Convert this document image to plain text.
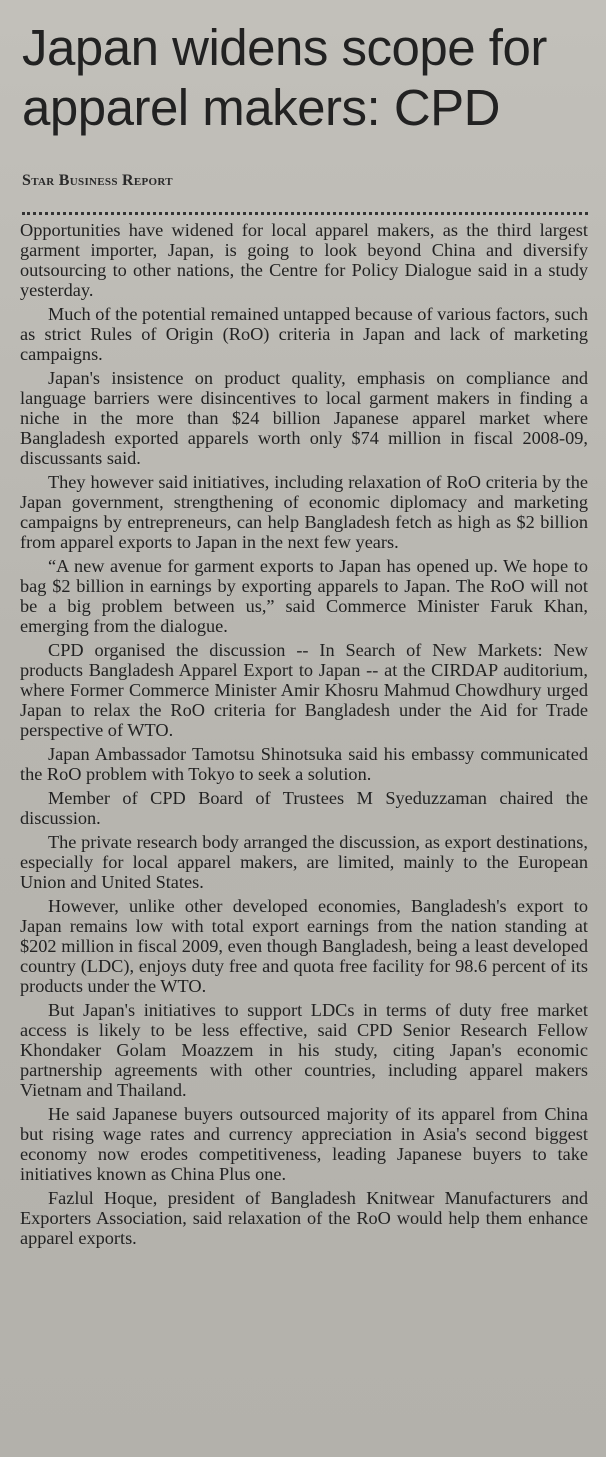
Japan widens scope for apparel makers: CPD
Star Business Report

Opportunities have widened for local apparel makers, as the third largest garment importer, Japan, is going to look beyond China and diversify outsourcing to other nations, the Centre for Policy Dialogue said in a study yesterday.

Much of the potential remained untapped because of various factors, such as strict Rules of Origin (RoO) criteria in Japan and lack of marketing campaigns.

Japan's insistence on product quality, emphasis on compliance and language barriers were disincentives to local garment makers in finding a niche in the more than $24 billion Japanese apparel market where Bangladesh exported apparels worth only $74 million in fiscal 2008-09, discussants said.

They however said initiatives, including relaxation of RoO criteria by the Japan government, strengthening of economic diplomacy and marketing campaigns by entrepreneurs, can help Bangladesh fetch as high as $2 billion from apparel exports to Japan in the next few years.

“A new avenue for garment exports to Japan has opened up. We hope to bag $2 billion in earnings by exporting apparels to Japan. The RoO will not be a big problem between us,” said Commerce Minister Faruk Khan, emerging from the dialogue.

CPD organised the discussion -- In Search of New Markets: New products Bangladesh Apparel Export to Japan -- at the CIRDAP auditorium, where Former Commerce Minister Amir Khosru Mahmud Chowdhury urged Japan to relax the RoO criteria for Bangladesh under the Aid for Trade perspective of WTO.

Japan Ambassador Tamotsu Shinotsuka said his embassy communicated the RoO problem with Tokyo to seek a solution.

Member of CPD Board of Trustees M Syeduzzaman chaired the discussion.

The private research body arranged the discussion, as export destinations, especially for local apparel makers, are limited, mainly to the European Union and United States.

However, unlike other developed economies, Bangladesh's export to Japan remains low with total export earnings from the nation standing at $202 million in fiscal 2009, even though Bangladesh, being a least developed country (LDC), enjoys duty free and quota free facility for 98.6 percent of its products under the WTO.

But Japan's initiatives to support LDCs in terms of duty free market access is likely to be less effective, said CPD Senior Research Fellow Khondaker Golam Moazzem in his study, citing Japan's economic partnership agreements with other countries, including apparel makers Vietnam and Thailand.

He said Japanese buyers outsourced majority of its apparel from China but rising wage rates and currency appreciation in Asia's second biggest economy now erodes competitiveness, leading Japanese buyers to take initiatives known as China Plus one.

Fazlul Hoque, president of Bangladesh Knitwear Manufacturers and Exporters Association, said relaxation of the RoO would help them enhance apparel exports.
